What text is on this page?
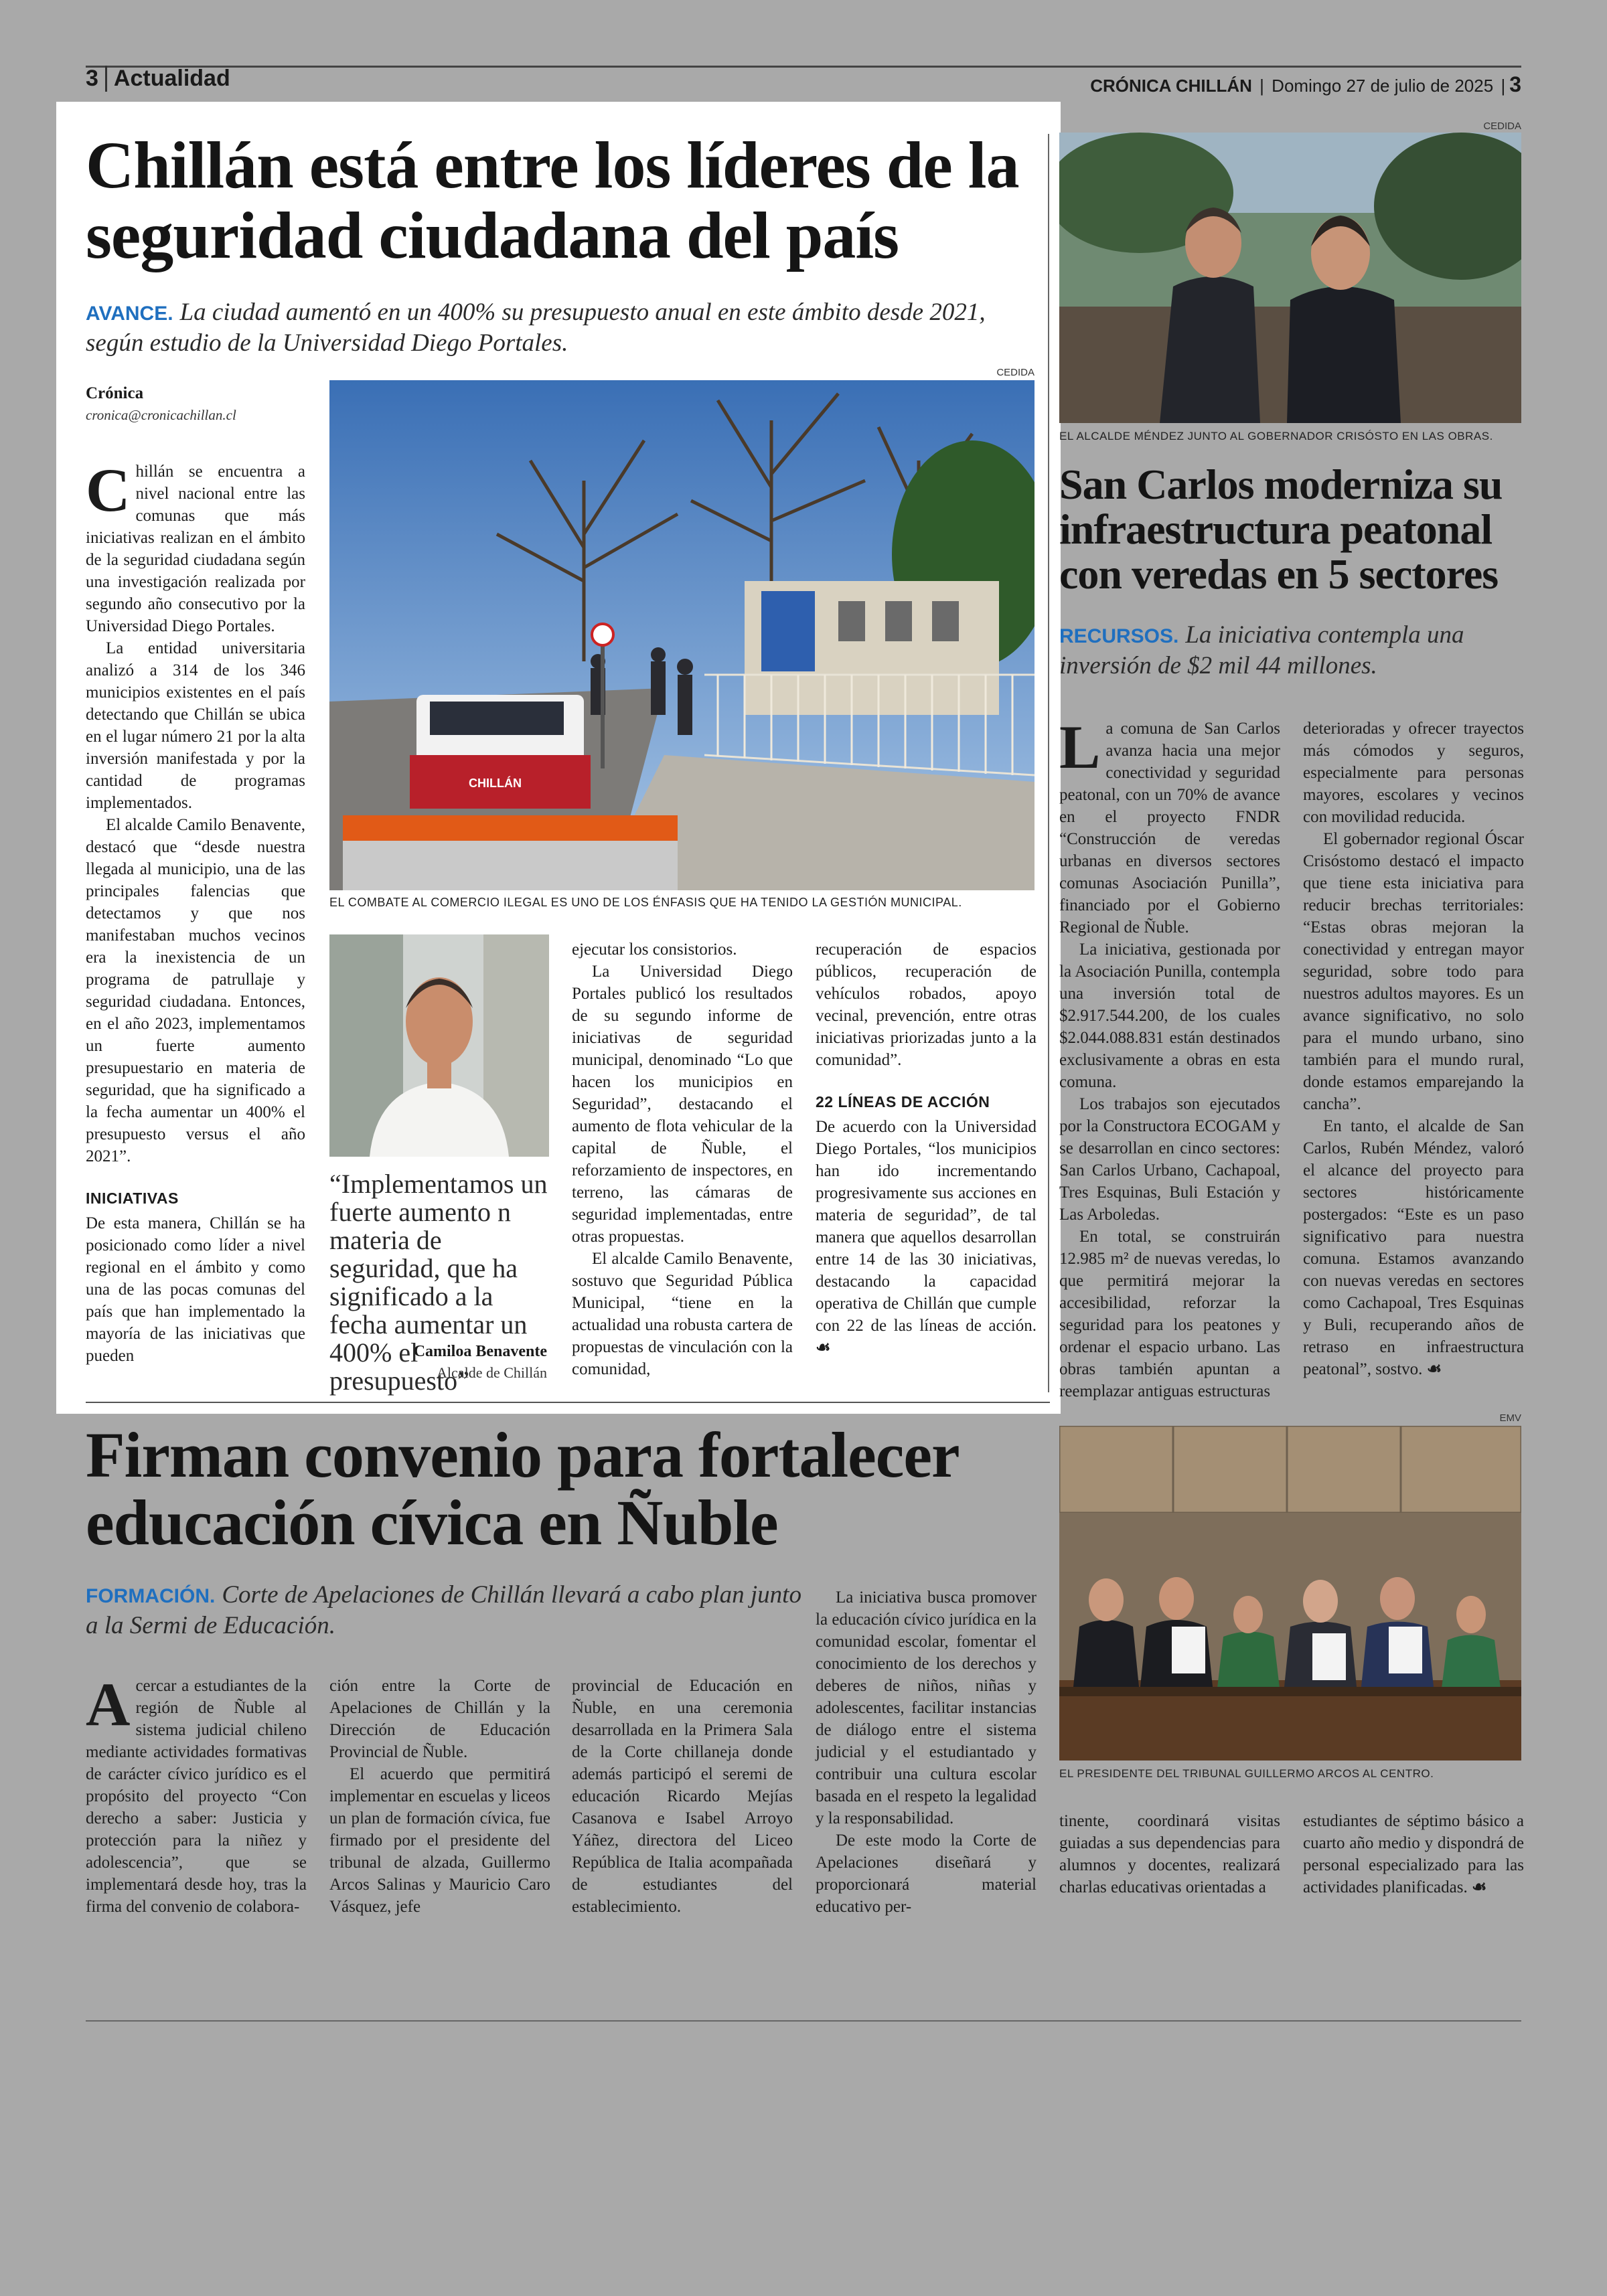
3 Actualidad	CRÓNICA CHILLÁN | Domingo 27 de julio de 2025 | 3
Chillán está entre los líderes de la seguridad ciudadana del país
AVANCE. La ciudad aumentó en un 400% su presupuesto anual en este ámbito desde 2021, según estudio de la Universidad Diego Portales.
Crónica
cronica@cronicachillan.cl
CEDIDA
CHILLÁN
EL COMBATE AL COMERCIO ILEGAL ES UNO DE LOS ÉNFASIS QUE HA TENIDO LA GESTIÓN MUNICIPAL.

Chillán se encuentra a nivel nacional entre las comunas que más iniciativas realizan en el ámbito de la seguridad ciudadana según una investigación realizada por segundo año consecutivo por la Universidad Diego Portales.

La entidad universitaria analizó a 314 de los 346 municipios existentes en el país detectando que Chillán se ubica en el lugar número 21 por la alta inversión manifestada y por la cantidad de programas implementados.

El alcalde Camilo Benavente, destacó que “desde nuestra llegada al municipio, una de las principales falencias que detectamos y que nos manifestaban muchos vecinos era la inexistencia de un programa de patrullaje y seguridad ciudadana. Entonces, en el año 2023, implementamos un fuerte aumento presupuestario en materia de seguridad, que ha significado a la fecha aumentar un 400% el presupuesto versus el año 2021”.

INICIATIVAS

De esta manera, Chillán se ha posicionado como líder a nivel regional en el ámbito y como una de las pocas comunas del país que han implementado la mayoría de las iniciativas que pueden

“Implementamos un fuerte aumento n materia de seguridad, que ha significado a la fecha aumentar un 400% el presupuesto”
Camiloa Benavente
Alcalde de Chillán

ejecutar los consistorios.

La Universidad Diego Portales publicó los resultados de su segundo informe de iniciativas de seguridad municipal, denominado “Lo que hacen los municipios en Seguridad”, destacando el aumento de flota vehicular de la capital de Ñuble, el reforzamiento de inspectores, en terreno, las cámaras de seguridad implementadas, entre otras propuestas.

El alcalde Camilo Benavente, sostuvo que Seguridad Pública Municipal, “tiene en la actualidad una robusta cartera de propuestas de vinculación con la comunidad,

recuperación de espacios públicos, recuperación de vehículos robados, apoyo vecinal, prevención, entre otras iniciativas priorizadas junto a la comunidad”.

22 LÍNEAS DE ACCIÓN

De acuerdo con la Universidad Diego Portales, “los municipios han ido incrementando progresivamente sus acciones en materia de seguridad”, de tal manera que aquellos desarrollan entre 14 de las 30 iniciativas, destacando la capacidad operativa de Chillán que cumple con 22 de las líneas de acción. ☙

CEDIDA
EL ALCALDE MÉNDEZ JUNTO AL GOBERNADOR CRISÓSTO EN LAS OBRAS.
San Carlos moderniza su infraestructura peatonal con veredas en 5 sectores
RECURSOS. La iniciativa contempla una inversión de $2 mil 44 millones.

La comuna de San Carlos avanza hacia una mejor conectividad y seguridad peatonal, con un 70% de avance en el proyecto FNDR “Construcción de veredas urbanas en diversos sectores comunas Asociación Punilla”, financiado por el Gobierno Regional de Ñuble.

La iniciativa, gestionada por la Asociación Punilla, contempla una inversión total de $2.917.544.200, de los cuales $2.044.088.831 están destinados exclusivamente a obras en esta comuna.

Los trabajos son ejecutados por la Constructora ECOGAM y se desarrollan en cinco sectores: San Carlos Urbano, Cachapoal, Tres Esquinas, Buli Estación y Las Arboledas.

En total, se construirán 12.985 m² de nuevas veredas, lo que permitirá mejorar la accesibilidad, reforzar la seguridad para los peatones y ordenar el espacio urbano. Las obras también apuntan a reemplazar antiguas estructuras

deterioradas y ofrecer trayectos más cómodos y seguros, especialmente para personas mayores, escolares y vecinos con movilidad reducida.

El gobernador regional Óscar Crisóstomo destacó el impacto que tiene esta iniciativa para reducir brechas territoriales: “Estas obras mejoran la conectividad y entregan mayor seguridad, sobre todo para nuestros adultos mayores. Es un avance significativo, no solo para el mundo urbano, sino también para el mundo rural, donde estamos empareјando la cancha”.

En tanto, el alcalde de San Carlos, Rubén Méndez, valoró el alcance del proyecto para sectores históricamente postergados: “Este es un paso significativo para nuestra comuna. Estamos avanzando con nuevas veredas en sectores como Cachapoal, Tres Esquinas y Buli, recuperando años de retraso en infraestructura peatonal”, sostvo. ☙

Firman convenio para fortalecer educación cívica en Ñuble
FORMACIÓN. Corte de Apelaciones de Chillán llevará a cabo plan junto a la Sermi de Educación.
EMV
EL PRESIDENTE DEL TRIBUNAL GUILLERMO ARCOS AL CENTRO.

Acercar a estudiantes de la región de Ñuble al sistema judicial chileno mediante actividades formativas de carácter cívico jurídico es el propósito del proyecto “Con derecho a saber: Justicia y protección para la niñez y adolescencia”, que se implementará desde hoy, tras la firma del convenio de colabora-

ción entre la Corte de Apelaciones de Chillán y la Dirección de Educación Provincial de Ñuble.

El acuerdo que permitirá implementar en escuelas y liceos un plan de formación cívica, fue firmado por el presidente del tribunal de alzada, Guillermo Arcos Salinas y Mauricio Caro Vásquez, jefe

provincial de Educación en Ñuble, en una ceremonia desarrollada en la Primera Sala de la Corte chillaneja donde además participó el seremi de educación Ricardo Mejías Casanova e Isabel Arroyo Yáñez, directora del Liceo República de Italia acompañada de estudiantes del establecimiento.

La iniciativa busca promover la educación cívico jurídica en la comunidad escolar, fomentar el conocimiento de los derechos y deberes de niños, niñas y adolescentes, facilitar instancias de diálogo entre el sistema judicial y el estudiantado y contribuir una cultura escolar basada en el respeto la legalidad y la responsabilidad.

De este modo la Corte de Apelaciones diseñará y proporcionará material educativo per-

tinente, coordinará visitas guiadas a sus dependencias para alumnos y docentes, realizará charlas educativas orientadas a

estudiantes de séptimo básico a cuarto año medio y dispondrá de personal especializado para las actividades planificadas. ☙
